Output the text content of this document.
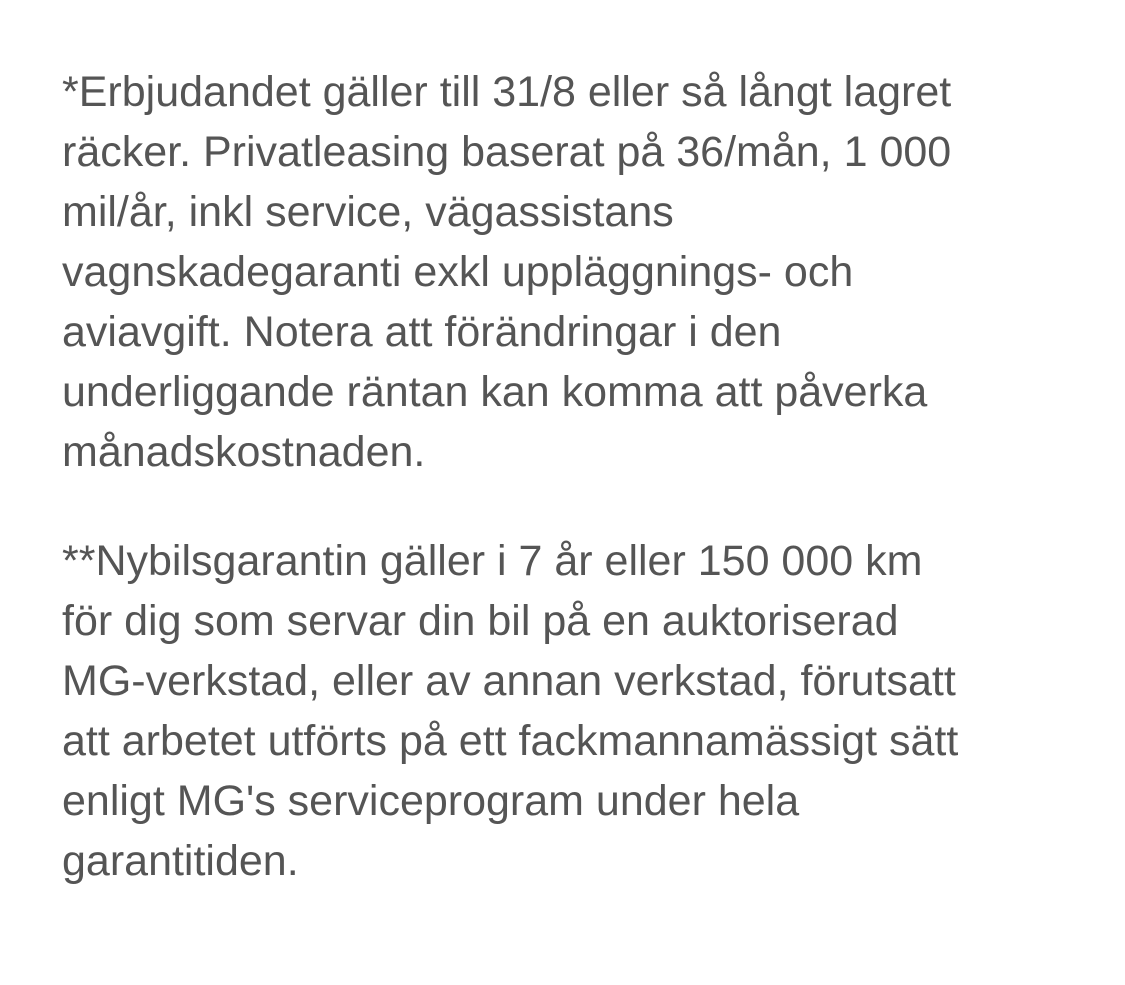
*Erbjudandet gäller till 31/8 eller så långt lagret
räcker. Privatleasing baserat på 36/mån, 1 000
mil/år, inkl service, vägassistans
vagnskadegaranti exkl uppläggnings- och
aviavgift. Notera att förändringar i den
underliggande räntan kan komma att påverka
månadskostnaden.

**Nybilsgarantin gäller i 7 år eller 150 000 km
för dig som servar din bil på en auktoriserad
MG-verkstad, eller av annan verkstad, förutsatt
att arbetet utförts på ett fackmannamässigt sätt
enligt MG's serviceprogram under hela
garantitiden.
